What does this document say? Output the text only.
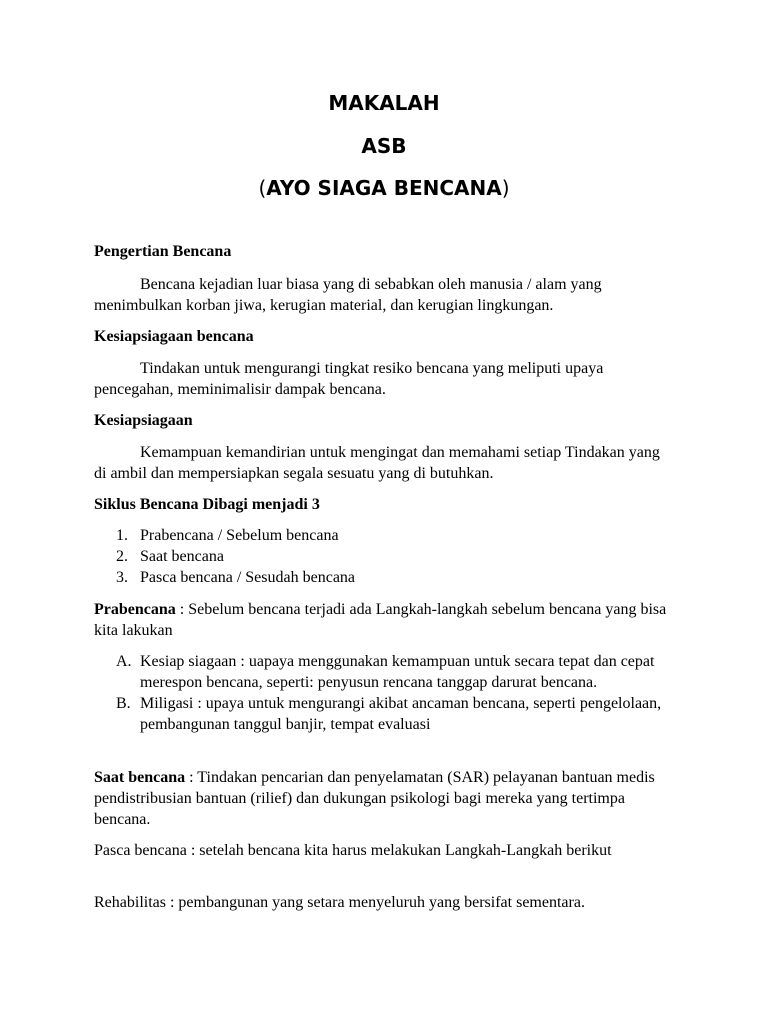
MAKALAH
ASB
(AYO SIAGA BENCANA)
Pengertian Bencana
Bencana kejadian luar biasa yang di sebabkan oleh manusia / alam yang menimbulkan korban jiwa, kerugian material, dan kerugian lingkungan.
Kesiapsiagaan bencana
Tindakan untuk mengurangi tingkat resiko bencana yang meliputi upaya pencegahan, meminimalisir dampak bencana.
Kesiapsiagaan
Kemampuan kemandirian untuk mengingat dan memahami setiap Tindakan yang di ambil dan mempersiapkan segala sesuatu yang di butuhkan.
Siklus Bencana Dibagi menjadi 3
1. Prabencana / Sebelum bencana
2. Saat bencana
3. Pasca bencana / Sesudah bencana
Prabencana : Sebelum bencana terjadi ada Langkah-langkah sebelum bencana yang bisa kita lakukan
A. Kesiap siagaan : uapaya menggunakan kemampuan untuk secara tepat dan cepat merespon bencana, seperti: penyusun rencana tanggap darurat bencana.
B. Miligasi : upaya untuk mengurangi akibat ancaman bencana, seperti pengelolaan, pembangunan tanggul banjir, tempat evaluasi
Saat bencana : Tindakan pencarian dan penyelamatan (SAR) pelayanan bantuan medis pendistribusian bantuan (rilief) dan dukungan psikologi bagi mereka yang tertimpa bencana.
Pasca bencana : setelah bencana kita harus melakukan Langkah-Langkah berikut
Rehabilitas : pembangunan yang setara menyeluruh yang bersifat sementara.
